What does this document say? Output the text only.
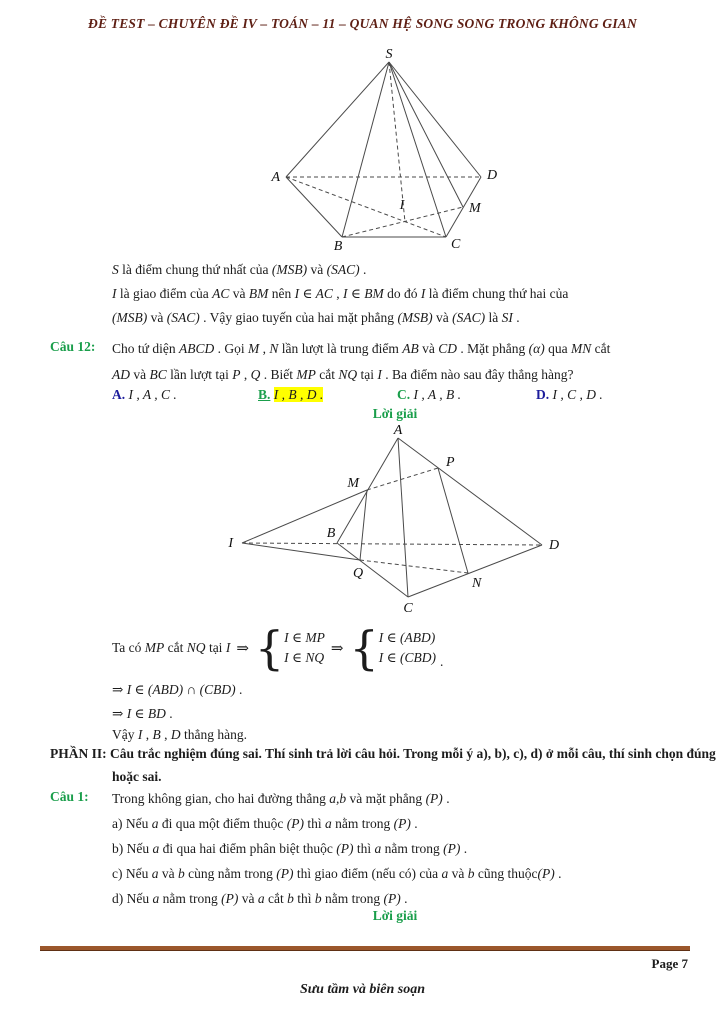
ĐỀ TEST – CHUYÊN ĐỀ IV – TOÁN – 11 – QUAN HỆ SONG SONG TRONG KHÔNG GIAN
S
A	D
B	C
I	M
S là điểm chung thứ nhất của (MSB) và (SAC) .
I là giao điểm của AC và BM nên I ∈ AC , I ∈ BM do đó I là điểm chung thứ hai của
(MSB) và (SAC) . Vậy giao tuyến của hai mặt phẳng (MSB) và (SAC) là SI .
Câu 12: Cho tứ diện ABCD . Gọi M , N lần lượt là trung điểm AB và CD . Mặt phẳng (α) qua MN cắt
AD và BC lần lượt tại P , Q . Biết MP cắt NQ tại I . Ba điểm nào sau đây thẳng hàng?
A. I , A , C .	B. I , B , D .	C. I , A , B .	D. I , C , D .
Lời giải
A
P
M
I
B
D
Q
N
C
Ta có MP cắt NQ tại I ⇒ { I ∈ MP
I ∈ NQ
⇒ { I ∈ (ABD)
I ∈ (CBD) .
⇒ I ∈ (ABD) ∩ (CBD) .
⇒ I ∈ BD .
Vậy I , B , D thẳng hàng.
PHẦN II: Câu trắc nghiệm đúng sai. Thí sinh trả lời câu hỏi. Trong mỗi ý a), b), c), d) ở mỗi câu, thí sinh chọn đúng hoặc sai.
Câu 1: Trong không gian, cho hai đường thẳng a,b và mặt phẳng (P) .
a) Nếu a đi qua một điểm thuộc (P) thì a nằm trong (P) .
b) Nếu a đi qua hai điểm phân biệt thuộc (P) thì a nằm trong (P) .
c) Nếu a và b cùng nằm trong (P) thì giao điểm (nếu có) của a và b cũng thuộc(P) .
d) Nếu a nằm trong (P) và a cắt b thì b nằm trong (P) .
Lời giải
Page 7
Sưu tầm và biên soạn
